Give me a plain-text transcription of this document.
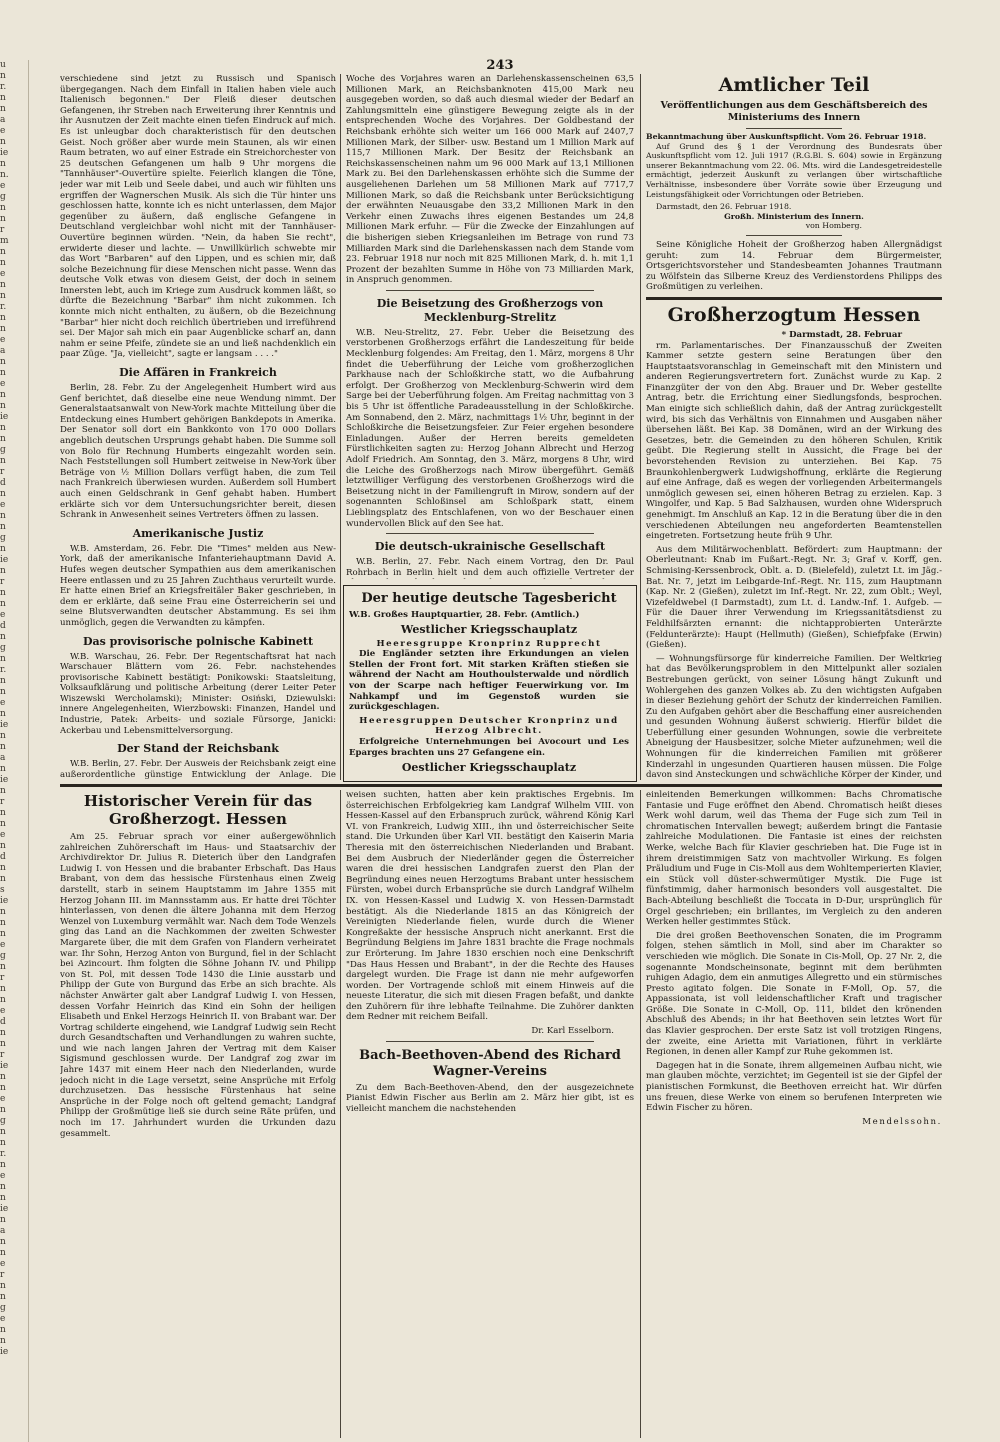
u
n
r.
n
n
a
e
n
ie
n
n.
e
g
n
n
r
m
n
n
e
n
n
r.
n
n
e
a
n
n
e
n
n
ie
n
n
g
n
r
d
n
e
n
n
g
n
ie
n
r
n
n
e
d
n
g
n
r.
n
n
e
n
ie
n
n
a
n
ie
n
r
n
n
e
n
d
n
n
s
ie
n
n
n
e
g
n
r
n
n
e
d
n
n
r
ie
n
n
e
n
g
n
n
r.
n
e
n
n
ie
n
a
n
n
e
r
n
n
g
e
n
n
ie
243

verschiedene sind jetzt zu Russisch und Spanisch übergegangen. Nach dem Einfall in Italien haben viele auch Italienisch begonnen." Der Fleiß dieser deutschen Gefangenen, ihr Streben nach Erweiterung ihrer Kenntnis und ihr Ausnutzen der Zeit machte einen tiefen Eindruck auf mich. Es ist unleugbar doch charakteristisch für den deutschen Geist. Noch größer aber wurde mein Staunen, als wir einen Raum betraten, wo auf einer Estrade ein Streichorchester von 25 deutschen Gefangenen um halb 9 Uhr morgens die "Tannhäuser"-Ouvertüre spielte. Feierlich klangen die Töne, jeder war mit Leib und Seele dabei, und auch wir fühlten uns ergriffen der Wagnerschen Musik. Als sich die Tür hinter uns geschlossen hatte, konnte ich es nicht unterlassen, dem Major gegenüber zu äußern, daß englische Gefangene in Deutschland vergleichbar wohl nicht mit der Tannhäuser-Ouvertüre beginnen würden. "Nein, da haben Sie recht", erwiderte dieser und lachte. — Unwillkürlich schwebte mir das Wort "Barbaren" auf den Lippen, und es schien mir, daß solche Bezeichnung für diese Menschen nicht passe. Wenn das deutsche Volk etwas von diesem Geist, der doch in seinem Innersten lebt, auch im Kriege zum Ausdruck kommen läßt, so dürfte die Bezeichnung "Barbar" ihm nicht zukommen. Ich konnte mich nicht enthalten, zu äußern, ob die Bezeichnung "Barbar" hier nicht doch reichlich übertrieben und irreführend sei. Der Major sah mich ein paar Augenblicke scharf an, dann nahm er seine Pfeife, zündete sie an und ließ nachdenklich ein paar Züge. "Ja, vielleicht", sagte er langsam . . . ."

Die Affären in Frankreich

Berlin, 28. Febr. Zu der Angelegenheit Humbert wird aus Genf berichtet, daß dieselbe eine neue Wendung nimmt. Der Generalstaatsanwalt von New-York machte Mitteilung über die Entdeckung eines Humbert gehörigen Bankdepots in Amerika. Der Senator soll dort ein Bankkonto von 170 000 Dollars angeblich deutschen Ursprungs gehabt haben. Die Summe soll von Bolo für Rechnung Humberts eingezahlt worden sein. Nach Feststellungen soll Humbert zeitweise in New-York über Beträge von ½ Million Dollars verfügt haben, die zum Teil nach Frankreich überwiesen wurden. Außerdem soll Humbert auch einen Geldschrank in Genf gehabt haben. Humbert erklärte sich vor dem Untersuchungsrichter bereit, diesen Schrank in Anwesenheit seines Vertreters öffnen zu lassen.

Amerikanische Justiz

W.B. Amsterdam, 26. Febr. Die "Times" melden aus New-York, daß der amerikanische Infanteriehauptmann David A. Hufes wegen deutscher Sympathien aus dem amerikanischen Heere entlassen und zu 25 Jahren Zuchthaus verurteilt wurde. Er hatte einen Brief an Kriegsfreitäler Baker geschrieben, in dem er erklärte, daß seine Frau eine Österreicherin sei und seine Blutsverwandten deutscher Abstammung. Es sei ihm unmöglich, gegen die Verwandten zu kämpfen.

Das provisorische polnische Kabinett

W.B. Warschau, 26. Febr. Der Regentschaftsrat hat nach Warschauer Blättern vom 26. Febr. nachstehendes provisorische Kabinett bestätigt: Ponikowski: Staatsleitung, Volksaufklärung und politische Arbeitung (derer Leiter Peter Wiszewski Wercholamski); Minister: Osiński, Dziewulski: innere Angelegenheiten, Wierzbowski: Finanzen, Handel und Industrie, Patek: Arbeits- und soziale Fürsorge, Janicki: Ackerbau und Lebensmittelversorgung.

Der Stand der Reichsbank

W.B. Berlin, 27. Febr. Der Ausweis der Reichsbank zeigt eine außerordentliche günstige Entwicklung der Anlage. Die

Woche des Vorjahres waren an Darlehenskassenscheinen 63,5 Millionen Mark, an Reichsbanknoten 415,00 Mark neu ausgegeben worden, so daß auch diesmal wieder der Bedarf an Zahlungsmitteln eine günstigere Bewegung zeigte als in der entsprechenden Woche des Vorjahres. Der Goldbestand der Reichsbank erhöhte sich weiter um 166 000 Mark auf 2407,7 Millionen Mark, der Silber- usw. Bestand um 1 Million Mark auf 115,7 Millionen Mark. Der Besitz der Reichsbank an Reichskassenscheinen nahm um 96 000 Mark auf 13,1 Millionen Mark zu. Bei den Darlehenskassen erhöhte sich die Summe der ausgeliehenen Darlehen um 58 Millionen Mark auf 7717,7 Millionen Mark, so daß die Reichsbank unter Berücksichtigung der erwähnten Neuausgabe den 33,2 Millionen Mark in den Verkehr einen Zuwachs ihres eigenen Bestandes um 24,8 Millionen Mark erfuhr. — Für die Zwecke der Einzahlungen auf die bisherigen sieben Kriegsanleihen im Betrage von rund 73 Milliarden Mark sind die Darlehenskassen nach dem Stande vom 23. Februar 1918 nur noch mit 825 Millionen Mark, d. h. mit 1,1 Prozent der bezahlten Summe in Höhe von 73 Milliarden Mark, in Anspruch genommen.

Die Beisetzung des Großherzogs von Mecklenburg-Strelitz

W.B. Neu-Strelitz, 27. Febr. Ueber die Beisetzung des verstorbenen Großherzogs erfährt die Landeszeitung für beide Mecklenburg folgendes: Am Freitag, den 1. März, morgens 8 Uhr findet die Ueberführung der Leiche vom großherzoglichen Parkhause nach der Schloßkirche statt, wo die Aufbahrung erfolgt. Der Großherzog von Mecklenburg-Schwerin wird dem Sarge bei der Ueberführung folgen. Am Freitag nachmittag von 3 bis 5 Uhr ist öffentliche Paradeausstellung in der Schloßkirche. Am Sonnabend, den 2. März, nachmittags 1½ Uhr, beginnt in der Schloßkirche die Beisetzungsfeier. Zur Feier ergehen besondere Einladungen. Außer der Herren bereits gemeldeten Fürstlichkeiten sagten zu: Herzog Johann Albrecht und Herzog Adolf Friedrich. Am Sonntag, den 3. März, morgens 8 Uhr, wird die Leiche des Großherzogs nach Mirow übergeführt. Gemäß letztwilliger Verfügung des verstorbenen Großherzogs wird die Beisetzung nicht in der Familiengruft in Mirow, sondern auf der sogenannten Schloßinsel am Schloßpark statt, einem Lieblingsplatz des Entschlafenen, von wo der Beschauer einen wundervollen Blick auf den See hat.

Die deutsch-ukrainische Gesellschaft

W.B. Berlin, 27. Febr. Nach einem Vortrag, den Dr. Paul Rohrbach in Berlin hielt und dem auch offizielle Vertreter der

Der heutige deutsche Tagesbericht
W.B. Großes Hauptquartier, 28. Febr. (Amtlich.)
Westlicher Kriegsschauplatz
Heeresgruppe Kronprinz Rupprecht

Die Engländer setzten ihre Erkundungen an vielen Stellen der Front fort. Mit starken Kräften stießen sie während der Nacht am Houthoulsterwalde und nördlich von der Scarpe nach heftiger Feuerwirkung vor. Im Nahkampf und im Gegenstoß wurden sie zurückgeschlagen.

Heeresgruppen Deutscher Kronprinz und Herzog Albrecht.

Erfolgreiche Unternehmungen bei Avocourt und Les Eparges brachten uns 27 Gefangene ein.

Oestlicher Kriegsschauplatz

Amtlicher Teil
Veröffentlichungen aus dem Geschäftsbereich des Ministeriums des Innern
Bekanntmachung über Auskunftspflicht. Vom 26. Februar 1918.

Auf Grund des § 1 der Verordnung des Bundesrats über Auskunftspflicht vom 12. Juli 1917 (R.G.Bl. S. 604) sowie in Ergänzung unserer Bekanntmachung vom 22. 06. Mts. wird die Landesgetreidestelle ermächtigt, jederzeit Auskunft zu verlangen über wirtschaftliche Verhältnisse, insbesondere über Vorräte sowie über Erzeugung und Leistungsfähigkeit oder Vorrichtungen oder Betrieben.

Darmstadt, den 26. Februar 1918.
Großh. Ministerium des Innern.
von Homberg.

Seine Königliche Hoheit der Großherzog haben Allergnädigst geruht: zum 14. Februar dem Bürgermeister, Ortsgerichtsvorsteher und Standesbeamten Johannes Trautmann zu Wölfstein das Silberne Kreuz des Verdienstordens Philipps des Großmütigen zu verleihen.

Großherzogtum Hessen
* Darmstadt, 28. Februar

rm. Parlamentarisches. Der Finanzausschuß der Zweiten Kammer setzte gestern seine Beratungen über den Hauptstaatsvoranschlag in Gemeinschaft mit den Ministern und anderen Regierungsvertretern fort. Zunächst wurde zu Kap. 2 Finanzgüter der von den Abg. Brauer und Dr. Weber gestellte Antrag, betr. die Errichtung einer Siedlungsfonds, besprochen. Man einigte sich schließlich dahin, daß der Antrag zurückgestellt wird, bis sich das Verhältnis von Einnahmen und Ausgaben näher übersehen läßt. Bei Kap. 38 Domänen, wird an der Wirkung des Gesetzes, betr. die Gemeinden zu den höheren Schulen, Kritik geübt. Die Regierung stellt in Aussicht, die Frage bei der bevorstehenden Revision zu unterziehen. Bei Kap. 75 Braunkohlenbergwerk Ludwigshoffnung, erklärte die Regierung auf eine Anfrage, daß es wegen der vorliegenden Arbeitermangels unmöglich gewesen sei, einen höheren Betrag zu erzielen. Kap. 3 Wingolfer, und Kap. 5 Bad Salzhausen, wurden ohne Widerspruch genehmigt. Im Anschluß an Kap. 12 in die Beratung über die in den verschiedenen Abteilungen neu angeforderten Beamtenstellen eingetreten. Fortsetzung heute früh 9 Uhr.

Aus dem Militärwochenblatt. Befördert: zum Hauptmann: der Oberleutnant: Knab im Fußart.-Regt. Nr. 3; Graf v. Korff, gen. Schmising-Kerssenbrock, Oblt. a. D. (Bielefeld), zuletzt Lt. im Jäg.-Bat. Nr. 7, jetzt im Leibgarde-Inf.-Regt. Nr. 115, zum Hauptmann (Kap. Nr. 2 (Gießen), zuletzt im Inf.-Regt. Nr. 22, zum Oblt.; Weyl, Vizefeldwebel (I Darmstadt), zum Lt. d. Landw.-Inf. 1. Aufgeb. — Für die Dauer ihrer Verwendung im Kriegssanitätsdienst zu Feldhilfsärzten ernannt: die nichtapprobierten Unterärzte (Feldunterärzte): Haupt (Hellmuth) (Gießen), Schiefpfake (Erwin) (Gießen).

— Wohnungsfürsorge für kinderreiche Familien. Der Weltkrieg hat das Bevölkerungsproblem in den Mittelpunkt aller sozialen Bestrebungen gerückt, von seiner Lösung hängt Zukunft und Wohlergehen des ganzen Volkes ab. Zu den wichtigsten Aufgaben in dieser Beziehung gehört der Schutz der kinderreichen Familien. Zu den Aufgaben gehört aber die Beschaffung einer ausreichenden und gesunden Wohnung äußerst schwierig. Hierfür bildet die Ueberfüllung einer gesunden Wohnungen, sowie die verbreitete Abneigung der Hausbesitzer, solche Mieter aufzunehmen; weil die Wohnungen für die kinderreichen Familien mit größerer Kinderzahl in ungesunden Quartieren hausen müssen. Die Folge davon sind Ansteckungen und schwächliche Körper der Kinder, und

Historischer Verein für das Großherzogt. Hessen

Am 25. Februar sprach vor einer außergewöhnlich zahlreichen Zuhörerschaft im Haus- und Staatsarchiv der Archivdirektor Dr. Julius R. Dieterich über den Landgrafen Ludwig I. von Hessen und die brabanter Erbschaft. Das Haus Brabant, von dem das hessische Fürstenhaus einen Zweig darstellt, starb in seinem Hauptstamm im Jahre 1355 mit Herzog Johann III. im Mannsstamm aus. Er hatte drei Töchter hinterlassen, von denen die ältere Johanna mit dem Herzog Wenzel von Luxemburg vermählt war. Nach dem Tode Wenzels ging das Land an die Nachkommen der zweiten Schwester Margarete über, die mit dem Grafen von Flandern verheiratet war. Ihr Sohn, Herzog Anton von Burgund, fiel in der Schlacht bei Azincourt. Ihm folgten die Söhne Johann IV. und Philipp von St. Pol, mit dessen Tode 1430 die Linie ausstarb und Philipp der Gute von Burgund das Erbe an sich brachte. Als nächster Anwärter galt aber Landgraf Ludwig I. von Hessen, dessen Vorfahr Heinrich das Kind ein Sohn der heiligen Elisabeth und Enkel Herzogs Heinrich II. von Brabant war. Der Vortrag schilderte eingehend, wie Landgraf Ludwig sein Recht durch Gesandtschaften und Verhandlungen zu wahren suchte, und wie nach langen Jahren der Vertrag mit dem Kaiser Sigismund geschlossen wurde. Der Landgraf zog zwar im Jahre 1437 mit einem Heer nach den Niederlanden, wurde jedoch nicht in die Lage versetzt, seine Ansprüche mit Erfolg durchzusetzen. Das hessische Fürstenhaus hat seine Ansprüche in der Folge noch oft geltend gemacht; Landgraf Philipp der Großmütige ließ sie durch seine Räte prüfen, und noch im 17. Jahrhundert wurden die Urkunden dazu gesammelt.

weisen suchten, hatten aber kein praktisches Ergebnis. Im österreichischen Erbfolgekrieg kam Landgraf Wilhelm VIII. von Hessen-Kassel auf den Erbanspruch zurück, während König Karl VI. von Frankreich, Ludwig XIII., ihn und österreichischer Seite stand. Die Urkunden über Karl VII. bestätigt den Kaiserin Maria Theresia mit den österreichischen Niederlanden und Brabant. Bei dem Ausbruch der Niederländer gegen die Österreicher waren die drei hessischen Landgrafen zuerst den Plan der Begründung eines neuen Herzogtums Brabant unter hessischem Fürsten, wobei durch Erbansprüche sie durch Landgraf Wilhelm IX. von Hessen-Kassel und Ludwig X. von Hessen-Darmstadt bestätigt. Als die Niederlande 1815 an das Königreich der Vereinigten Niederlande fielen, wurde durch die Wiener Kongreßakte der hessische Anspruch nicht anerkannt. Erst die Begründung Belgiens im Jahre 1831 brachte die Frage nochmals zur Erörterung. Im Jahre 1830 erschien noch eine Denkschrift "Das Haus Hessen und Brabant", in der die Rechte des Hauses dargelegt wurden. Die Frage ist dann nie mehr aufgeworfen worden. Der Vortragende schloß mit einem Hinweis auf die neueste Literatur, die sich mit diesen Fragen befaßt, und dankte den Zuhörern für ihre lebhafte Teilnahme. Die Zuhörer dankten dem Redner mit reichem Beifall.

Dr. Karl Esselborn.
Bach-Beethoven-Abend des Richard Wagner-Vereins

Zu dem Bach-Beethoven-Abend, den der ausgezeichnete Pianist Edwin Fischer aus Berlin am 2. März hier gibt, ist es vielleicht manchem die nachstehenden

einleitenden Bemerkungen willkommen: Bachs Chromatische Fantasie und Fuge eröffnet den Abend. Chromatisch heißt dieses Werk wohl darum, weil das Thema der Fuge sich zum Teil in chromatischen Intervallen bewegt; außerdem bringt die Fantasie zahlreiche Modulationen. Die Fantasie ist eines der reichsten Werke, welche Bach für Klavier geschrieben hat. Die Fuge ist in ihrem dreistimmigen Satz von machtvoller Wirkung. Es folgen Präludium und Fuge in Cis-Moll aus dem Wohltemperierten Klavier, ein Stück voll düster-schwermütiger Mystik. Die Fuge ist fünfstimmig, daher harmonisch besonders voll ausgestaltet. Die Bach-Abteilung beschließt die Toccata in D-Dur, ursprünglich für Orgel geschrieben; ein brillantes, im Vergleich zu den anderen Werken heller gestimmtes Stück.

Die drei großen Beethovenschen Sonaten, die im Programm folgen, stehen sämtlich in Moll, sind aber im Charakter so verschieden wie möglich. Die Sonate in Cis-Moll, Op. 27 Nr. 2, die sogenannte Mondscheinsonate, beginnt mit dem berühmten ruhigen Adagio, dem ein anmutiges Allegretto und ein stürmisches Presto agitato folgen. Die Sonate in F-Moll, Op. 57, die Appassionata, ist voll leidenschaftlicher Kraft und tragischer Größe. Die Sonate in C-Moll, Op. 111, bildet den krönenden Abschluß des Abends; in ihr hat Beethoven sein letztes Wort für das Klavier gesprochen. Der erste Satz ist voll trotzigen Ringens, der zweite, eine Arietta mit Variationen, führt in verklärte Regionen, in denen aller Kampf zur Ruhe gekommen ist.

Dagegen hat in die Sonate, ihrem allgemeinen Aufbau nicht, wie man glauben möchte, verzichtet; im Gegenteil ist sie der Gipfel der pianistischen Formkunst, die Beethoven erreicht hat. Wir dürfen uns freuen, diese Werke von einem so berufenen Interpreten wie Edwin Fischer zu hören.

Mendelssohn.
